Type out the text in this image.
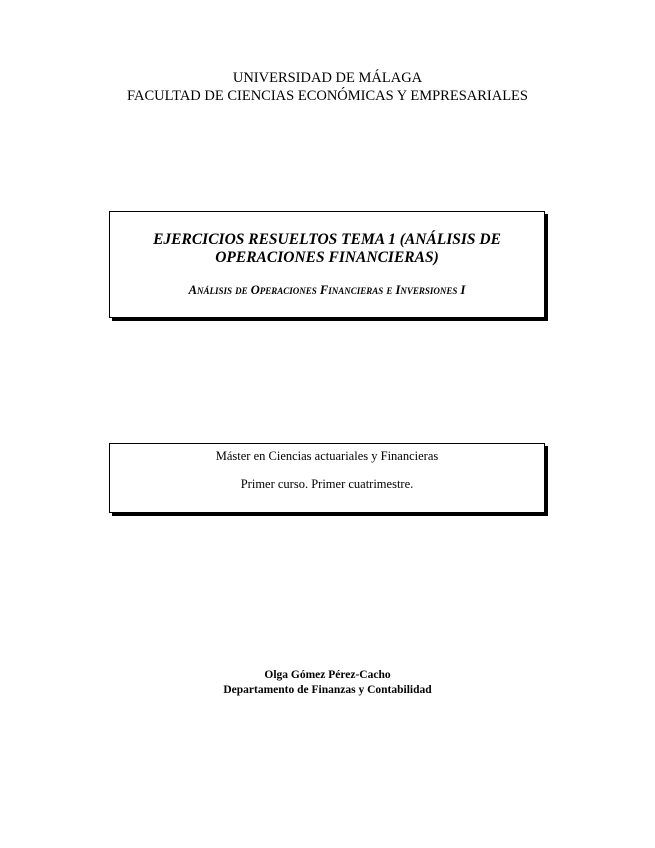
UNIVERSIDAD DE MÁLAGA
FACULTAD DE CIENCIAS ECONÓMICAS Y EMPRESARIALES
EJERCICIOS RESUELTOS TEMA 1 (ANÁLISIS DE
OPERACIONES FINANCIERAS)
Análisis de Operaciones Financieras e Inversiones I
Máster en Ciencias actuariales y Financieras
Primer curso. Primer cuatrimestre.
Olga Gómez Pérez-Cacho
Departamento de Finanzas y Contabilidad
